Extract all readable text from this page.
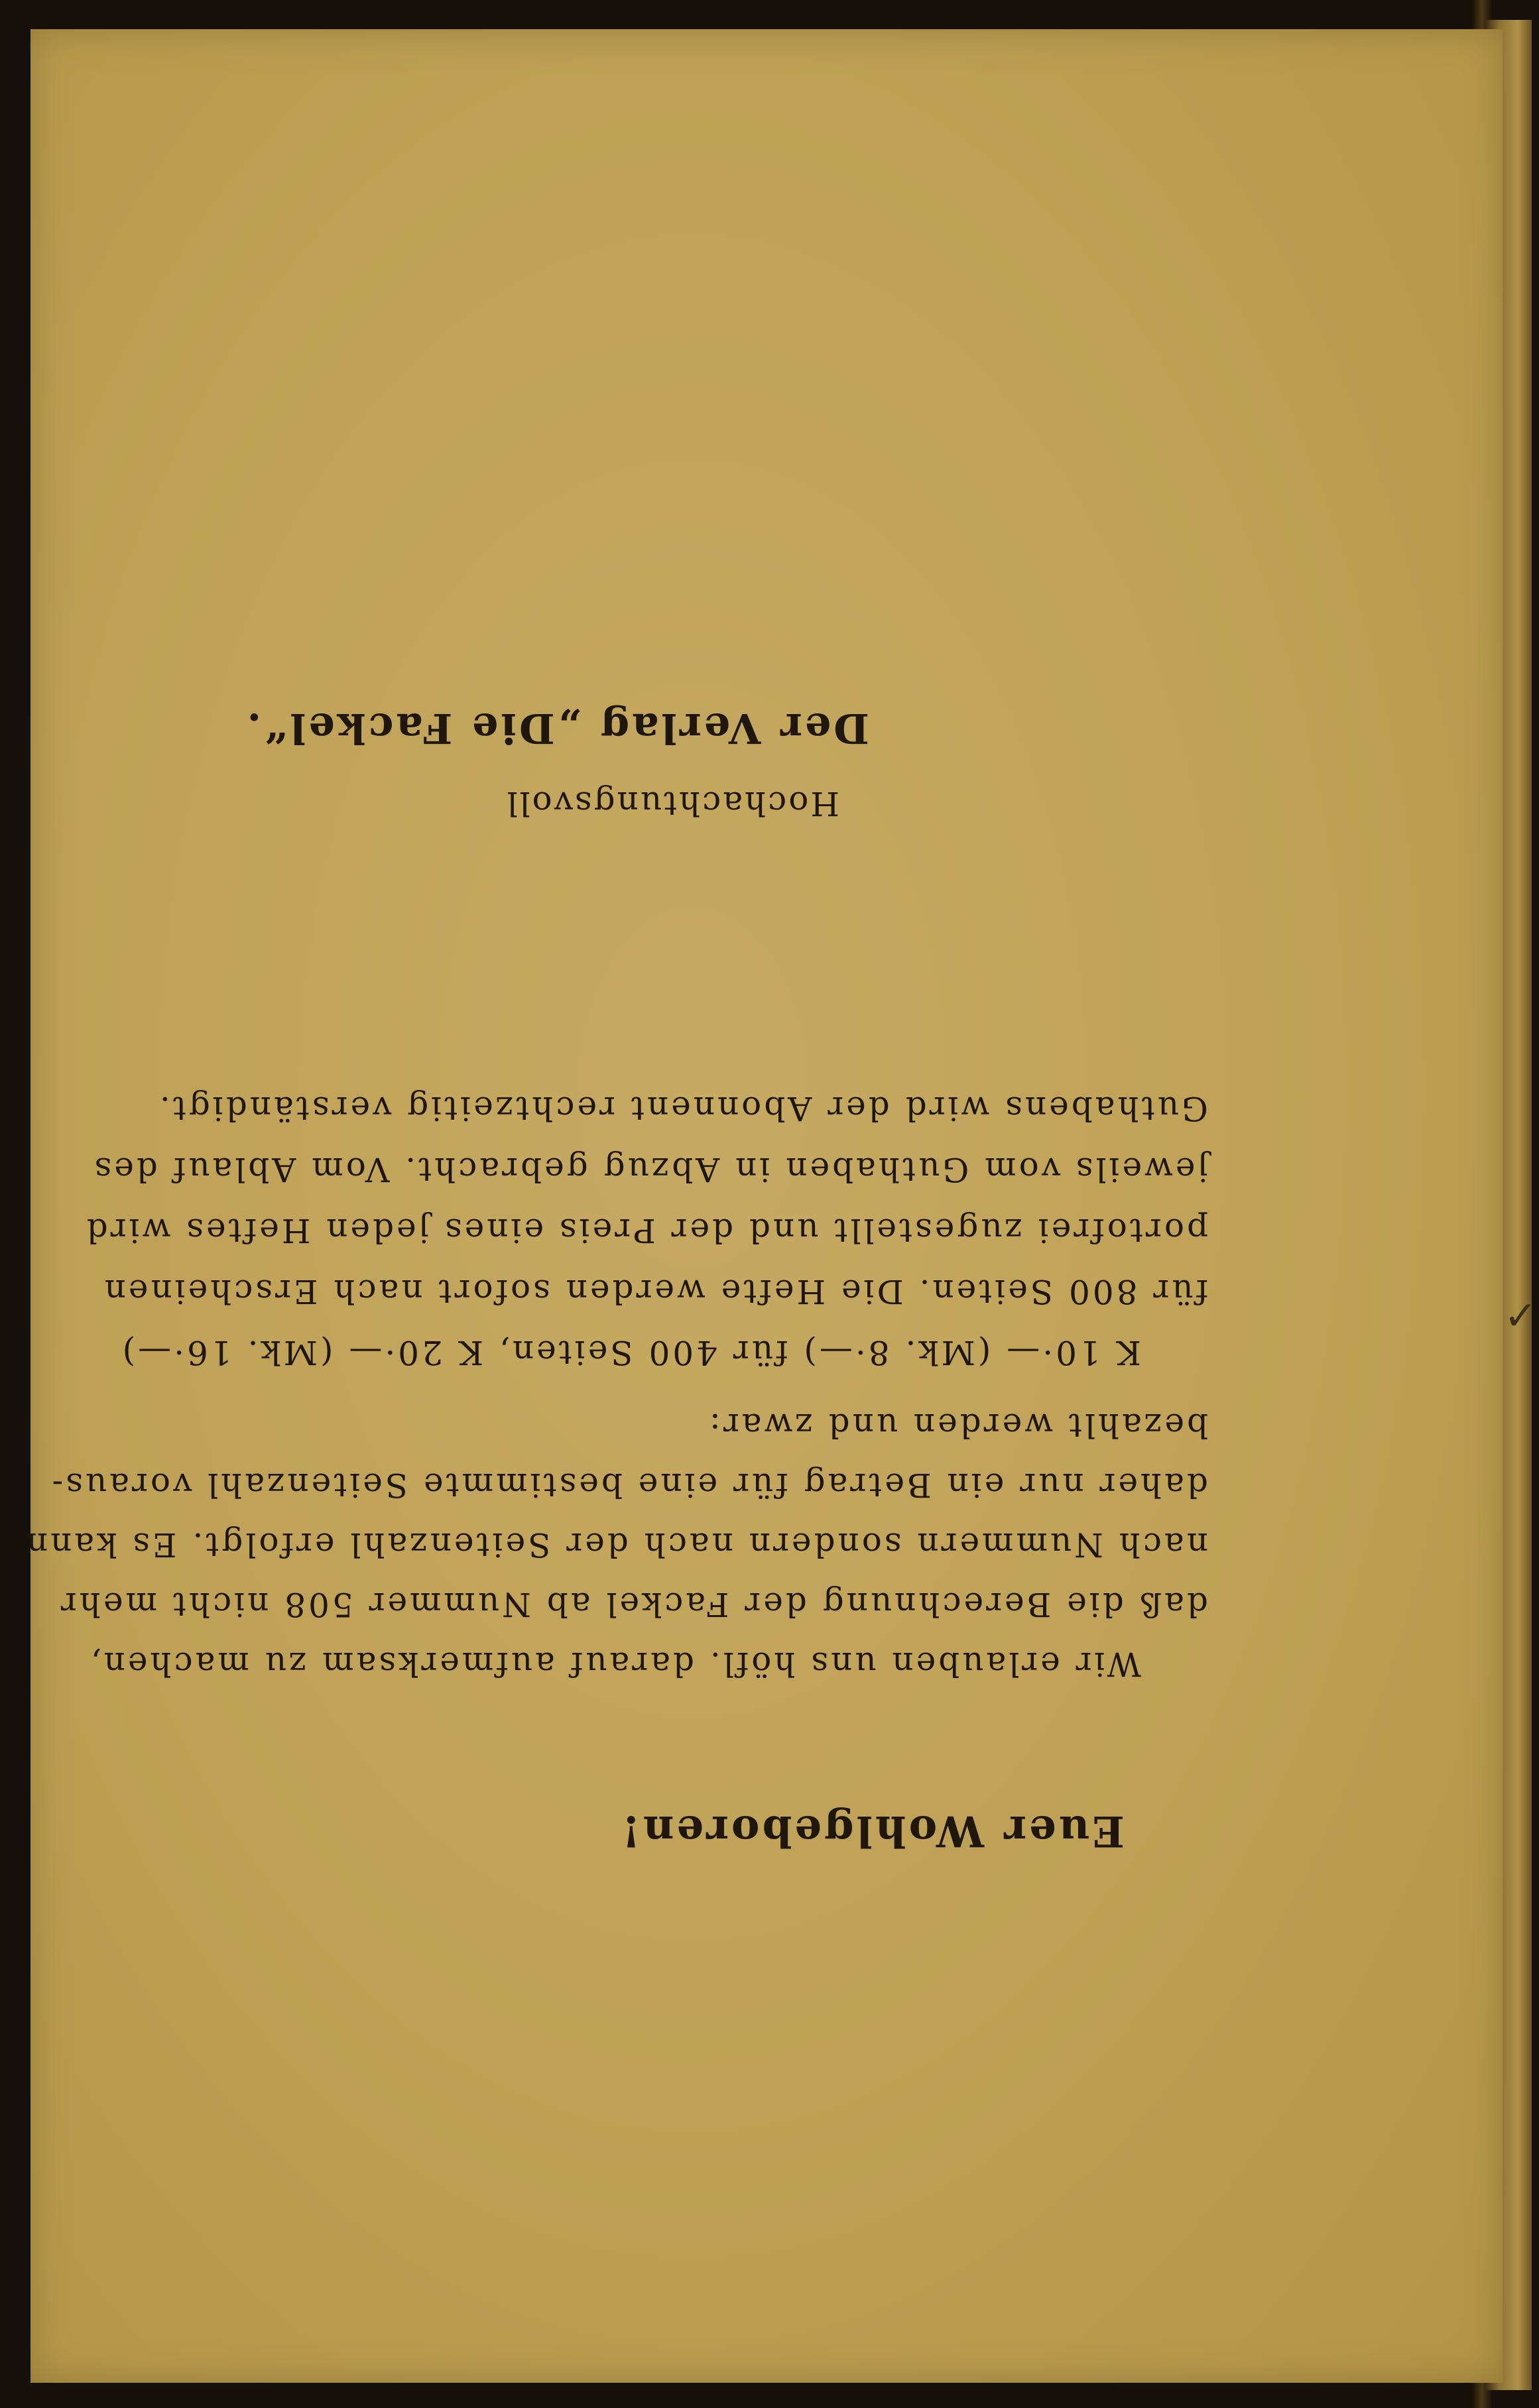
✓
Euer Wohlgeboren!
Wir erlauben uns höfl. darauf aufmerksam zu machen,
daß die Berechnung der Fackel ab Nummer 508 nicht mehr
nach Nummern sondern nach der Seitenzahl erfolgt. Es kann
daher nur ein Betrag für eine bestimmte Seitenzahl voraus-
bezahlt werden und zwar:
K 10·— (Mk. 8·—) für 400 Seiten, K 20·— (Mk. 16·—)
für 800 Seiten. Die Hefte werden sofort nach Erscheinen
portofrei zugestellt und der Preis eines jeden Heftes wird
jeweils vom Guthaben in Abzug gebracht. Vom Ablauf des
Guthabens wird der Abonnent rechtzeitig verständigt.
Hochachtungsvoll
Der Verlag „Die Fackel“.
